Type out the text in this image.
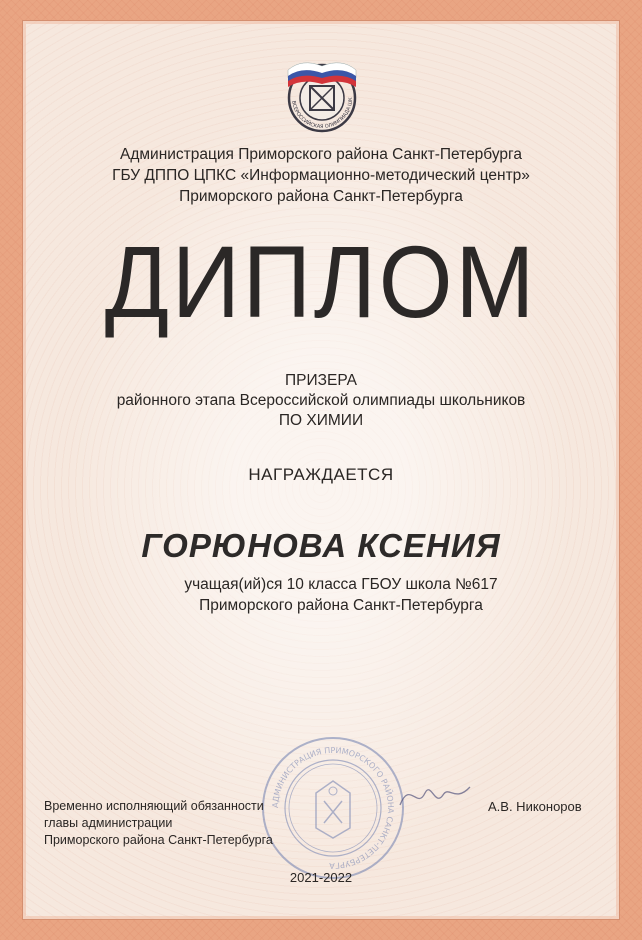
ВСЕРОССИЙСКАЯ ОЛИМПИАДА ШК
Администрация Приморского района Санкт-Петербурга
ГБУ ДППО ЦПКС «Информационно-методический центр»
Приморского района Санкт-Петербурга
ДИПЛОМ
ПРИЗЕРА
районного этапа Всероссийской олимпиады школьников
ПО ХИМИИ
НАГРАЖДАЕТСЯ
ГОРЮНОВА КСЕНИЯ
учащая(ий)ся 10 класса ГБОУ школа №617
Приморского района Санкт-Петербурга
АДМИНИСТРАЦИЯ ПРИМОРСКОГО РАЙОНА САНКТ-ПЕТЕРБУРГА
Временно исполняющий обязанности
главы администрации
Приморского района Санкт-Петербурга
А.В. Никоноров
2021-2022
